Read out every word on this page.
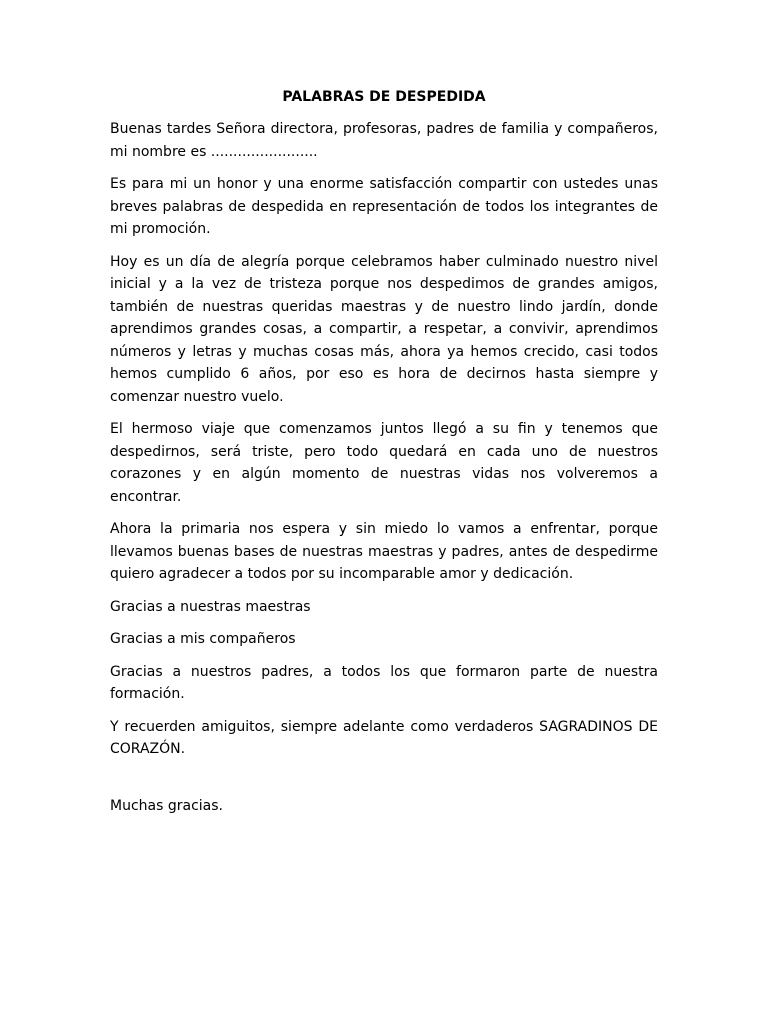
PALABRAS DE DESPEDIDA

Buenas tardes Señora directora, profesoras, padres de familia y compañeros, mi nombre es ........................

Es para mi un honor y una enorme satisfacción compartir con ustedes unas breves palabras de despedida en representación de todos los integrantes de mi promoción.

Hoy es un día de alegría porque celebramos haber culminado nuestro nivel inicial y a la vez de tristeza porque nos despedimos de grandes amigos, también de nuestras queridas maestras y de nuestro lindo jardín, donde aprendimos grandes cosas, a compartir, a respetar, a convivir, aprendimos números y letras y muchas cosas más, ahora ya hemos crecido, casi todos hemos cumplido 6 años, por eso es hora de decirnos hasta siempre y comenzar nuestro vuelo.

El hermoso viaje que comenzamos juntos llegó a su fin y tenemos que despedirnos, será triste, pero todo quedará en cada uno de nuestros corazones y en algún momento de nuestras vidas nos volveremos a encontrar.

Ahora la primaria nos espera y sin miedo lo vamos a enfrentar, porque llevamos buenas bases de nuestras maestras y padres, antes de despedirme quiero agradecer a todos por su incomparable amor y dedicación.

Gracias a nuestras maestras

Gracias a mis compañeros

Gracias a nuestros padres, a todos los que formaron parte de nuestra formación.

Y recuerden amiguitos, siempre adelante como verdaderos SAGRADINOS DE CORAZÓN.

Muchas gracias.
